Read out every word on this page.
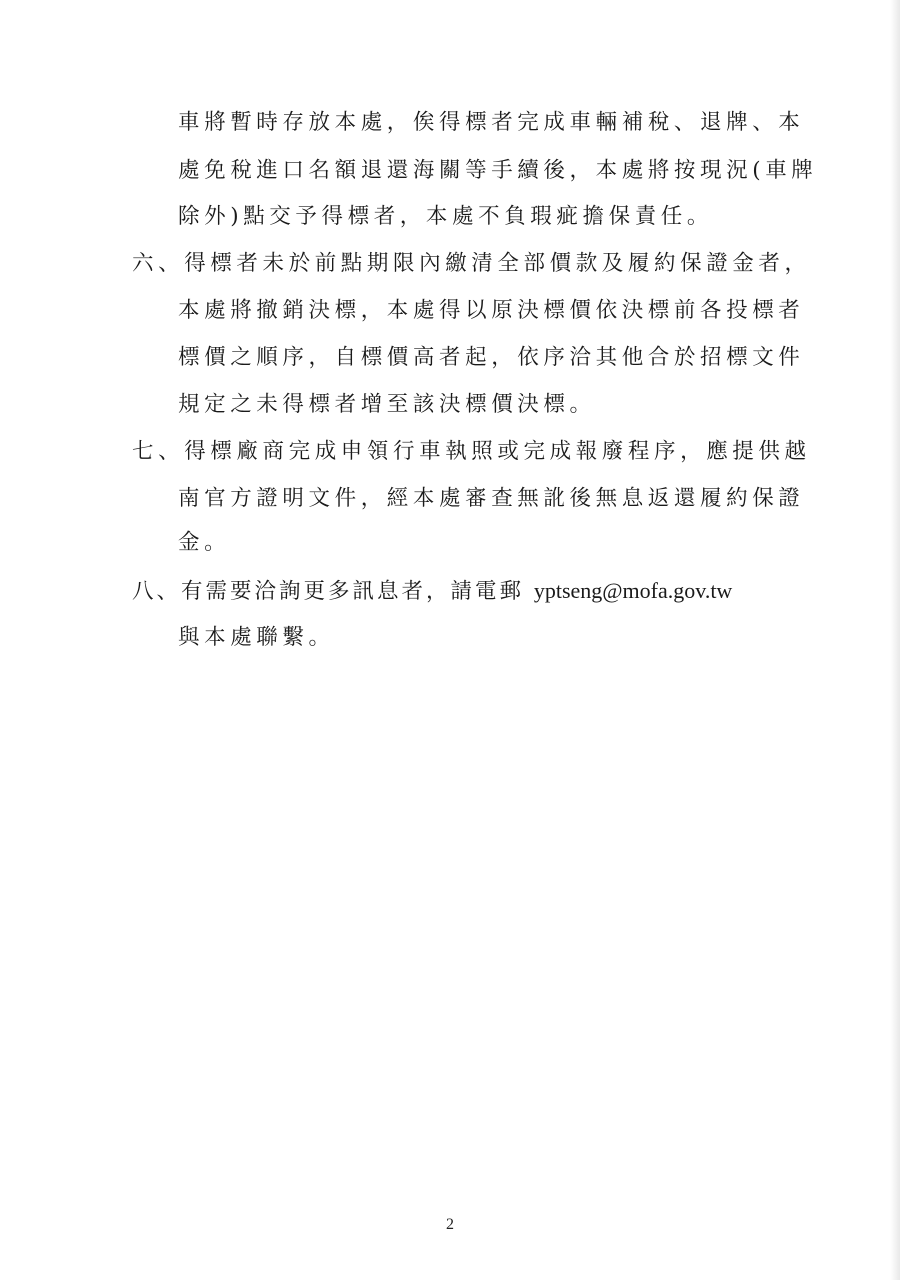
車將暫時存放本處，俟得標者完成車輛補稅、退牌、本
處免稅進口名額退還海關等手續後，本處將按現況(車牌
除外)點交予得標者，本處不負瑕疵擔保責任。
六、得標者未於前點期限內繳清全部價款及履約保證金者，
本處將撤銷決標，本處得以原決標價依決標前各投標者
標價之順序，自標價高者起，依序洽其他合於招標文件
規定之未得標者增至該決標價決標。
七、得標廠商完成申領行車執照或完成報廢程序，應提供越
南官方證明文件，經本處審查無訛後無息返還履約保證
金。
八、有需要洽詢更多訊息者，請電郵 yptseng@mofa.gov.tw
與本處聯繫。
2
